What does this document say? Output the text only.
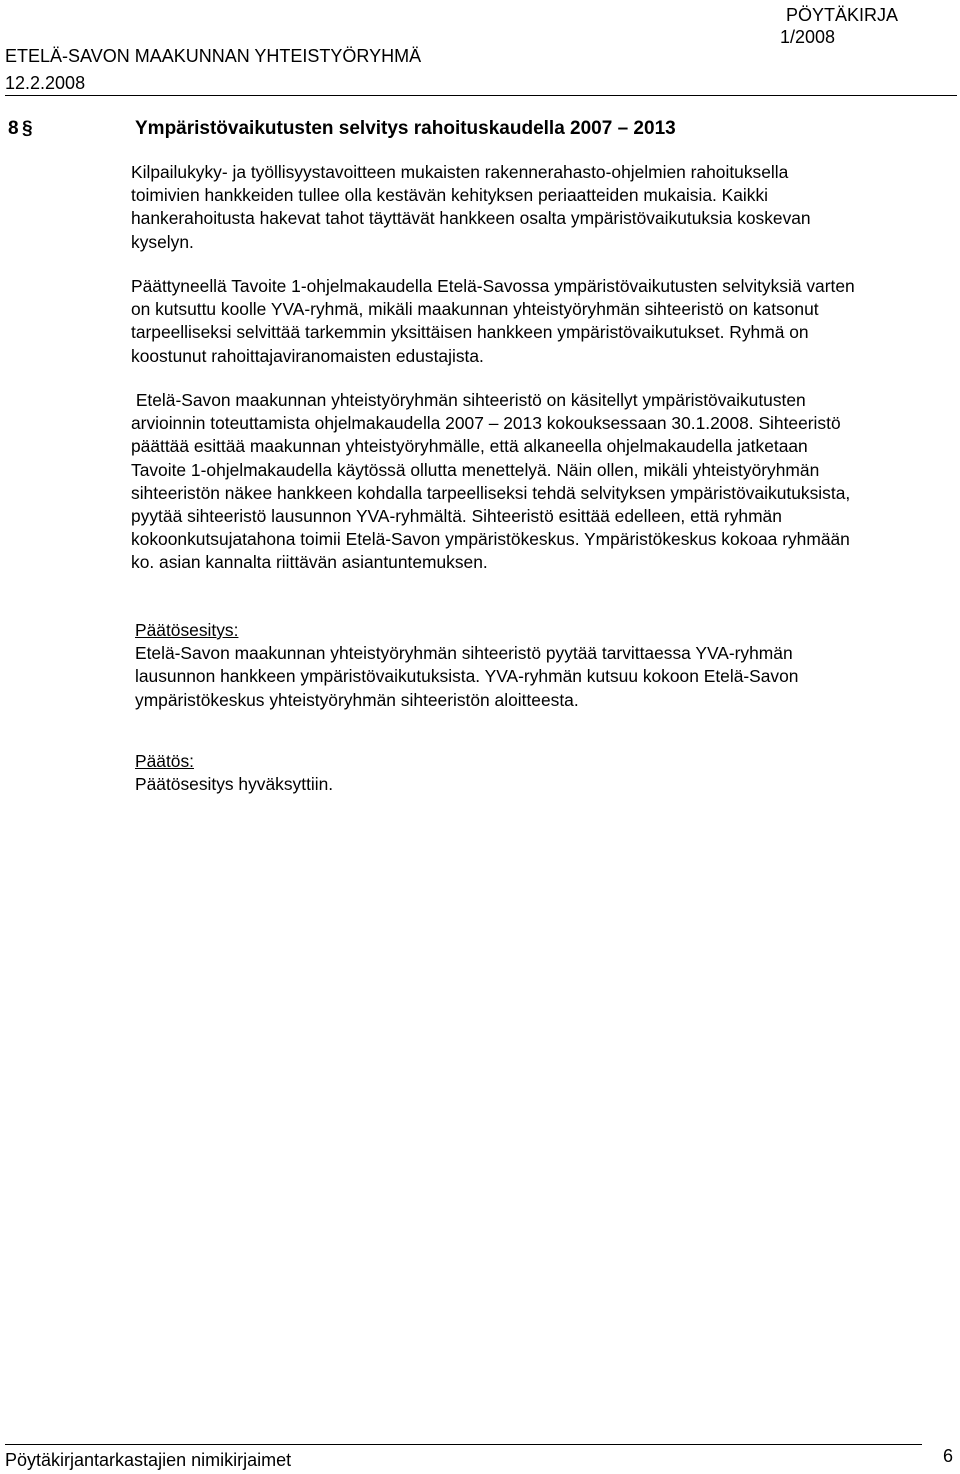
PÖYTÄKIRJA
1/2008
ETELÄ-SAVON MAAKUNNAN YHTEISTYÖRYHMÄ
12.2.2008
8 §	Ympäristövaikutusten selvitys rahoituskaudella 2007 – 2013
Kilpailukyky- ja työllisyystavoitteen mukaisten rakennerahasto-ohjelmien rahoituksella
toimivien hankkeiden tullee olla kestävän kehityksen periaatteiden mukaisia. Kaikki
hankerahoitusta hakevat tahot täyttävät hankkeen osalta ympäristövaikutuksia koskevan
kyselyn.
Päättyneellä Tavoite 1-ohjelmakaudella Etelä-Savossa ympäristövaikutusten selvityksiä varten
on kutsuttu koolle YVA-ryhmä, mikäli maakunnan yhteistyöryhmän sihteeristö on katsonut
tarpeelliseksi selvittää tarkemmin yksittäisen hankkeen ympäristövaikutukset. Ryhmä on
koostunut rahoittajaviranomaisten edustajista.
Etelä-Savon maakunnan yhteistyöryhmän sihteeristö on käsitellyt ympäristövaikutusten
arvioinnin toteuttamista ohjelmakaudella 2007 – 2013 kokouksessaan 30.1.2008. Sihteeristö
päättää esittää maakunnan yhteistyöryhmälle, että alkaneella ohjelmakaudella jatketaan
Tavoite 1-ohjelmakaudella käytössä ollutta menettelyä. Näin ollen, mikäli yhteistyöryhmän
sihteeristön näkee hankkeen kohdalla tarpeelliseksi tehdä selvityksen ympäristövaikutuksista,
pyytää sihteeristö lausunnon YVA-ryhmältä. Sihteeristö esittää edelleen, että ryhmän
kokoonkutsujatahona toimii Etelä-Savon ympäristökeskus. Ympäristökeskus kokoaa ryhmään
ko. asian kannalta riittävän asiantuntemuksen.
Päätösesitys:
Etelä-Savon maakunnan yhteistyöryhmän sihteeristö pyytää tarvittaessa YVA-ryhmän
lausunnon hankkeen ympäristövaikutuksista. YVA-ryhmän kutsuu kokoon Etelä-Savon
ympäristökeskus yhteistyöryhmän sihteeristön aloitteesta.
Päätös:
Päätösesitys hyväksyttiin.
Pöytäkirjantarkastajien nimikirjaimet	6
